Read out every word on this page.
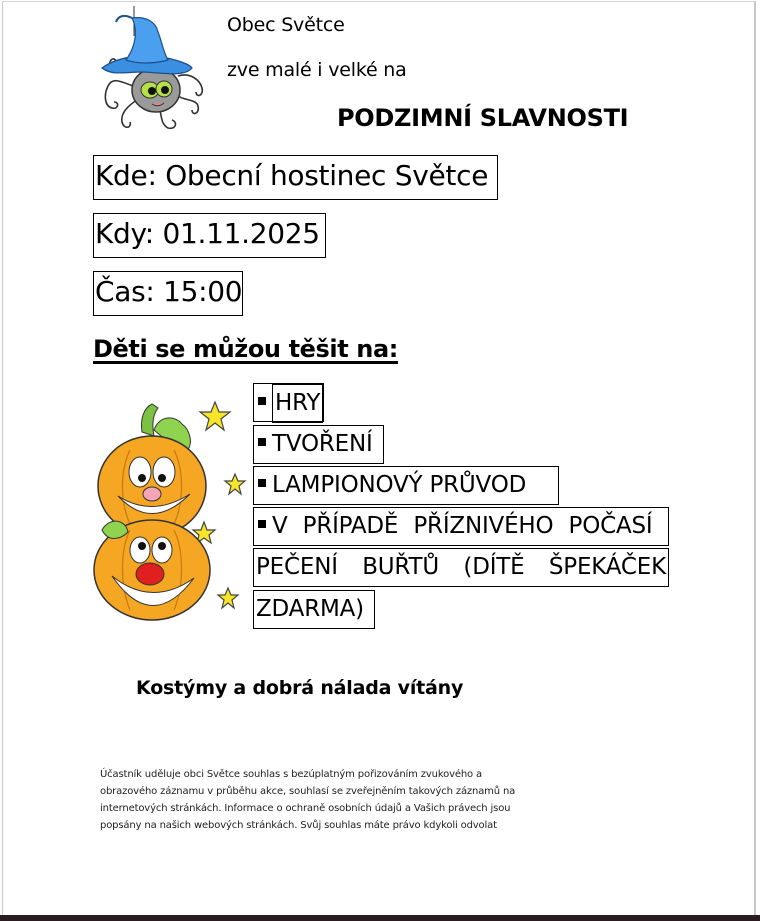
Obec Světce
zve malé i velké na
PODZIMNÍ SLAVNOSTI
Kde: Obecní hostinec Světce
Kdy: 01.11.2025
Čas: 15:00
Děti se můžou těšit na:
HRY
TVOŘENÍ
LAMPIONOVÝ PRŮVOD
V PŘÍPADĚ PŘÍZNIVÉHO POČASÍ
PEČENÍ BUŘTŮ (DÍTĚ ŠPEKÁČEK
ZDARMA)
Kostýmy a dobrá nálada vítány
Účastník uděluje obci Světce souhlas s bezúplatným pořizováním zvukového a obrazového záznamu v průběhu akce, souhlasí se zveřejněním takových záznamů na internetových stránkách. Informace o ochraně osobních údajů a Vašich právech jsou popsány na našich webových stránkách. Svůj souhlas máte právo kdykoli odvolat
